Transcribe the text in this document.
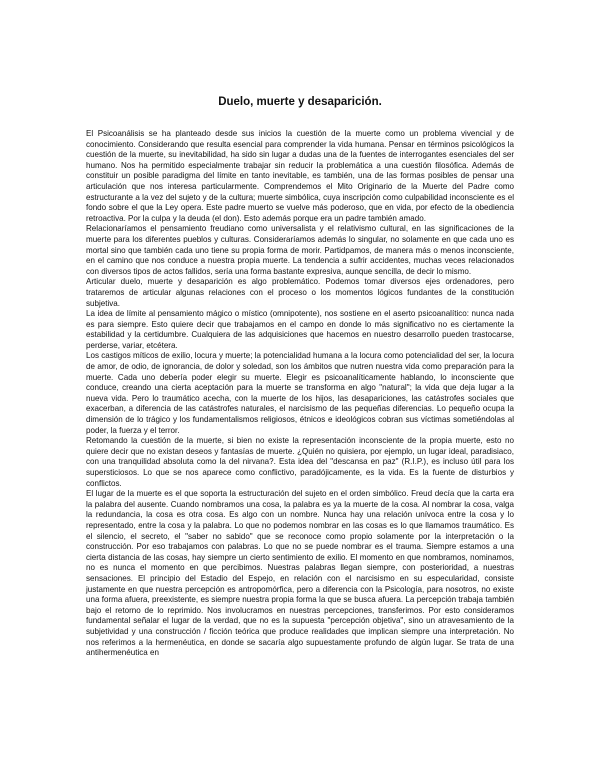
Duelo, muerte y desaparición.

El Psicoanálisis se ha planteado desde sus inicios la cuestión de la muerte como un problema vivencial y de conocimiento. Considerando que resulta esencial para comprender la vida humana. Pensar en términos psicológicos la cuestión de la muerte, su inevitabilidad, ha sido sin lugar a dudas una de la fuentes de interrogantes esenciales del ser humano. Nos ha permitido especialmente trabajar sin reducir la problemática a una cuestión filosófica. Además de constituir un posible paradigma del límite en tanto inevitable, es también, una de las formas posibles de pensar una articulación que nos interesa particularmente. Comprendemos el Mito Originario de la Muerte del Padre como estructurante a la vez del sujeto y de la cultura; muerte simbólica, cuya inscripción como culpabilidad inconsciente es el fondo sobre el que la Ley opera. Este padre muerto se vuelve más poderoso, que en vida, por efecto de la obediencia retroactiva. Por la culpa y la deuda (el don). Esto además porque era un padre también amado.

Relacionaríamos el pensamiento freudiano como universalista y el relativismo cultural, en las significaciones de la muerte para los diferentes pueblos y culturas. Consideraríamos además lo singular, no solamente en que cada uno es mortal sino que también cada uno tiene su propia forma de morir. Partidpamos, de manera más o menos inconsciente, en el camino que nos conduce a nuestra propia muerte. La tendencia a sufrir accidentes, muchas veces relacionados con diversos tipos de actos fallidos, sería una forma bastante expresiva, aunque sencilla, de decir lo mismo.

Articular duelo, muerte y desaparición es algo problemático. Podemos tomar diversos ejes ordenadores, pero trataremos de articular algunas relaciones con el proceso o los momentos lógicos fundantes de la constitución subjetiva.

La idea de límite al pensamiento mágico o místico (omnipotente), nos sostiene en el aserto psicoanalítico: nunca nada es para siempre. Esto quiere decir que trabajamos en el campo en donde lo más significativo no es ciertamente la estabilidad y la certidumbre. Cualquiera de las adquisiciones que hacemos en nuestro desarrollo pueden trastocarse, perderse, variar, etcétera.

Los castigos míticos de exilio, locura y muerte; la potencialidad humana a la locura como potencialidad del ser, la locura de amor, de odio, de ignorancia, de dolor y soledad, son los ámbitos que nutren nuestra vida como preparación para la muerte. Cada uno debería poder elegir su muerte. Elegir es psicoanalíticamente hablando, lo inconsciente que conduce, creando una cierta aceptación para la muerte se transforma en algo "natural"; la vida que deja lugar a la nueva vida. Pero lo traumático acecha, con la muerte de los hijos, las desapariciones, las catástrofes sociales que exacerban, a diferencia de las catástrofes naturales, el narcisismo de las pequeñas diferencias. Lo pequeño ocupa la dimensión de lo trágico y los fundamentalismos religiosos, étnicos e ideológicos cobran sus víctimas sometiéndolas al poder, la fuerza y el terror.

Retomando la cuestión de la muerte, si bien no existe la representación inconsciente de la propia muerte, esto no quiere decir que no existan deseos y fantasías de muerte. ¿Quién no quisiera, por ejemplo, un lugar ideal, paradisiaco, con una tranquilidad absoluta como la del nirvana?. Esta idea del "descansa en paz" (R.I.P.), es incluso útil para los supersticiosos. Lo que se nos aparece como conflictivo, paradójicamente, es la vida. Es la fuente de disturbios y conflictos.

El lugar de la muerte es el que soporta la estructuración del sujeto en el orden simbólico. Freud decía que la carta era la palabra del ausente. Cuando nombramos una cosa, la palabra es ya la muerte de la cosa. Al nombrar la cosa, valga la redundancia, la cosa es otra cosa. Es algo con un nombre. Nunca hay una relación unívoca entre la cosa y lo representado, entre la cosa y la palabra. Lo que no podemos nombrar en las cosas es lo que llamamos traumático. Es el silencio, el secreto, el "saber no sabido" que se reconoce como propio solamente por la interpretación o la construcción. Por eso trabajamos con palabras. Lo que no se puede nombrar es el trauma. Siempre estamos a una cierta distancia de las cosas, hay siempre un cierto sentimiento de exilio. El momento en que nombramos, nominamos, no es nunca el momento en que percibimos. Nuestras palabras llegan siempre, con posterioridad, a nuestras sensaciones. El principio del Estadio del Espejo, en relación con el narcisismo en su especularidad, consiste justamente en que nuestra percepción es antropomórfica, pero a diferencia con la Psicología, para nosotros, no existe una forma afuera, preexistente, es siempre nuestra propia forma la que se busca afuera. La percepción trabaja también bajo el retorno de lo reprimido. Nos involucramos en nuestras percepciones, transferimos. Por esto consideramos fundamental señalar el lugar de la verdad, que no es la supuesta "percepción objetiva", sino un atravesamiento de la subjetividad y una construcción / ficción teórica que produce realidades que implican siempre una interpretación. No nos referimos a la hermenéutica, en donde se sacaría algo supuestamente profundo de algún lugar. Se trata de una antihermenéutica en
